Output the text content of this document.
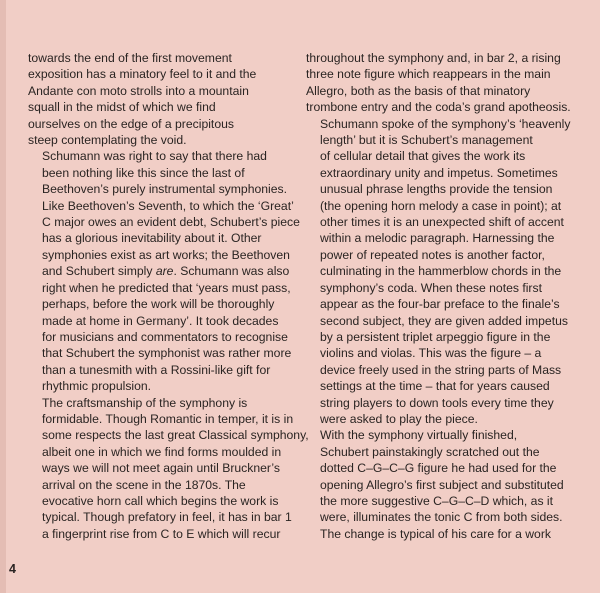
towards the end of the first movement
exposition has a minatory feel to it and the
Andante con moto strolls into a mountain
squall in the midst of which we find
ourselves on the edge of a precipitous
steep contemplating the void.

Schumann was right to say that there had
been nothing like this since the last of
Beethoven’s purely instrumental symphonies.
Like Beethoven’s Seventh, to which the ‘Great’
C major owes an evident debt, Schubert’s piece
has a glorious inevitability about it. Other
symphonies exist as art works; the Beethoven
and Schubert simply are. Schumann was also
right when he predicted that ‘years must pass,
perhaps, before the work will be thoroughly
made at home in Germany’. It took decades
for musicians and commentators to recognise
that Schubert the symphonist was rather more
than a tunesmith with a Rossini-like gift for
rhythmic propulsion.

The craftsmanship of the symphony is
formidable. Though Romantic in temper, it is in
some respects the last great Classical symphony,
albeit one in which we find forms moulded in
ways we will not meet again until Bruckner’s
arrival on the scene in the 1870s. The
evocative horn call which begins the work is
typical. Though prefatory in feel, it has in bar 1
a fingerprint rise from C to E which will recur

throughout the symphony and, in bar 2, a rising
three note figure which reappears in the main
Allegro, both as the basis of that minatory
trombone entry and the coda’s grand apotheosis.

Schumann spoke of the symphony’s ‘heavenly
length’ but it is Schubert’s management
of cellular detail that gives the work its
extraordinary unity and impetus. Sometimes
unusual phrase lengths provide the tension
(the opening horn melody a case in point); at
other times it is an unexpected shift of accent
within a melodic paragraph. Harnessing the
power of repeated notes is another factor,
culminating in the hammerblow chords in the
symphony’s coda. When these notes first
appear as the four-bar preface to the finale’s
second subject, they are given added impetus
by a persistent triplet arpeggio figure in the
violins and violas. This was the figure – a
device freely used in the string parts of Mass
settings at the time – that for years caused
string players to down tools every time they
were asked to play the piece.

With the symphony virtually finished,
Schubert painstakingly scratched out the
dotted C–G–C–G figure he had used for the
opening Allegro’s first subject and substituted
the more suggestive C–G–C–D which, as it
were, illuminates the tonic C from both sides.
The change is typical of his care for a work

4
